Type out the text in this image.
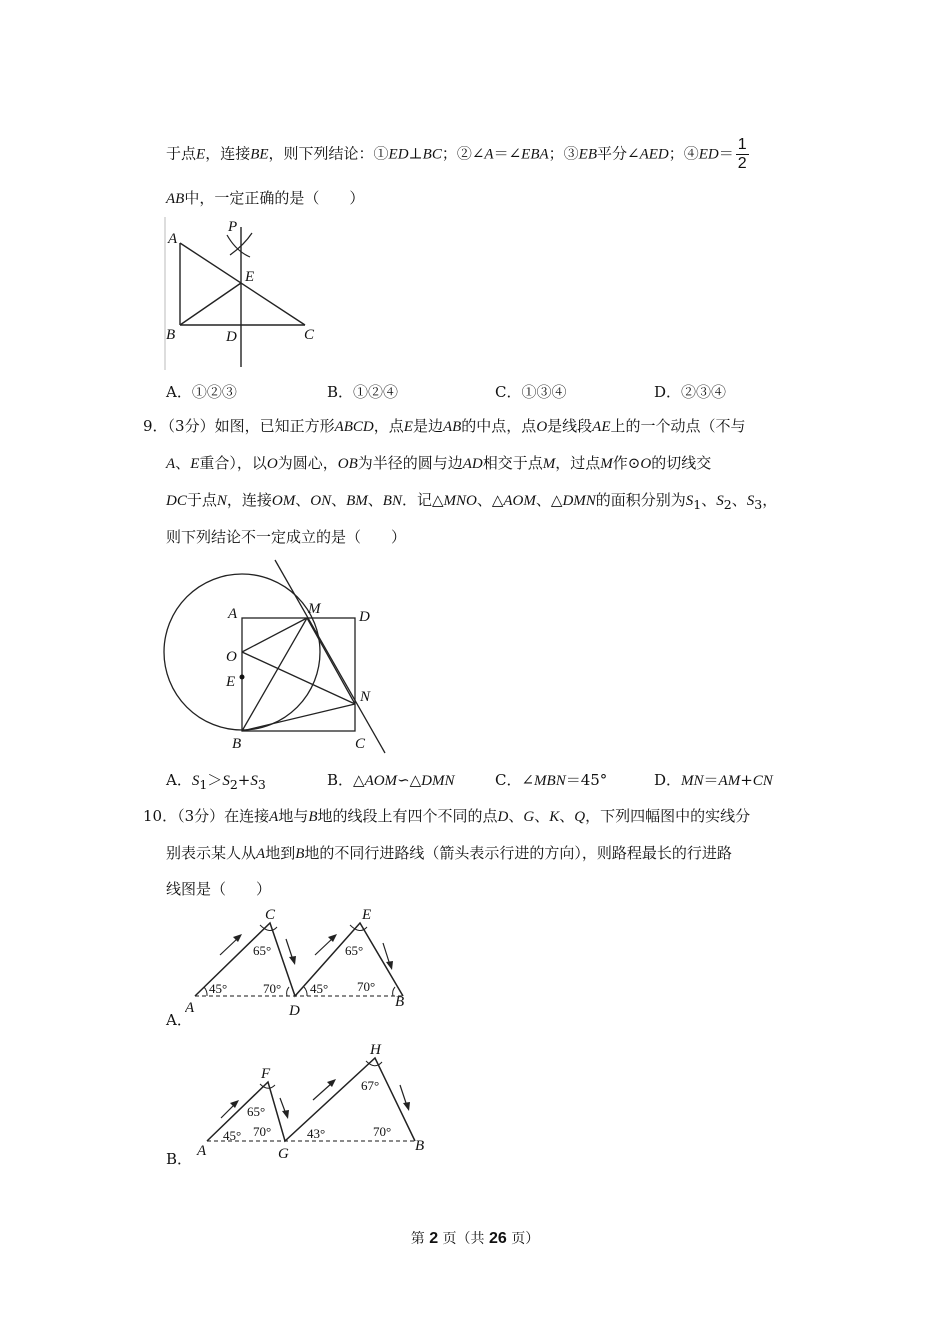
于点E，连接BE，则下列结论：①ED⊥BC；②∠A＝∠EBA；③EB平分∠AED；④ED＝ $\frac{1}{2}$
AB中，一定正确的是（　　）
A
P
E
B	D	C
A．①②③	B．①②④	C．①③④	D．②③④
9．（3分）如图，已知正方形ABCD，点E是边AB的中点，点O是线段AE上的一个动点（不与
A、E重合），以O为圆心，OB为半径的圆与边AD相交于点M，过点M作⊙O的切线交
DC于点N，连接OM、ON、BM、BN．记△MNO、△AOM、△DMN的面积分别为$S_1$、$S_2$、$S_3$，
则下列结论不一定成立的是（　　）
A	M	D
O
E
N
B	C
A．$S_1>S_2+S_3$	B．△AOM∽△DMN	C．∠MBN＝45°	D．MN＝AM+CN
10．（3分）在连接A地与B地的线段上有四个不同的点D、G、K、Q，下列四幅图中的实线分
别表示某人从A地到B地的不同行进路线（箭头表示行进的方向），则路程最长的行进路
线图是（　　）
C	E
A	D
B
45°
65°
70° 45°
65°
70°
A．
F
H
A	G	B
45°
65°
70°	43°
67°
70°
B．
第 2 页（共 26 页）
